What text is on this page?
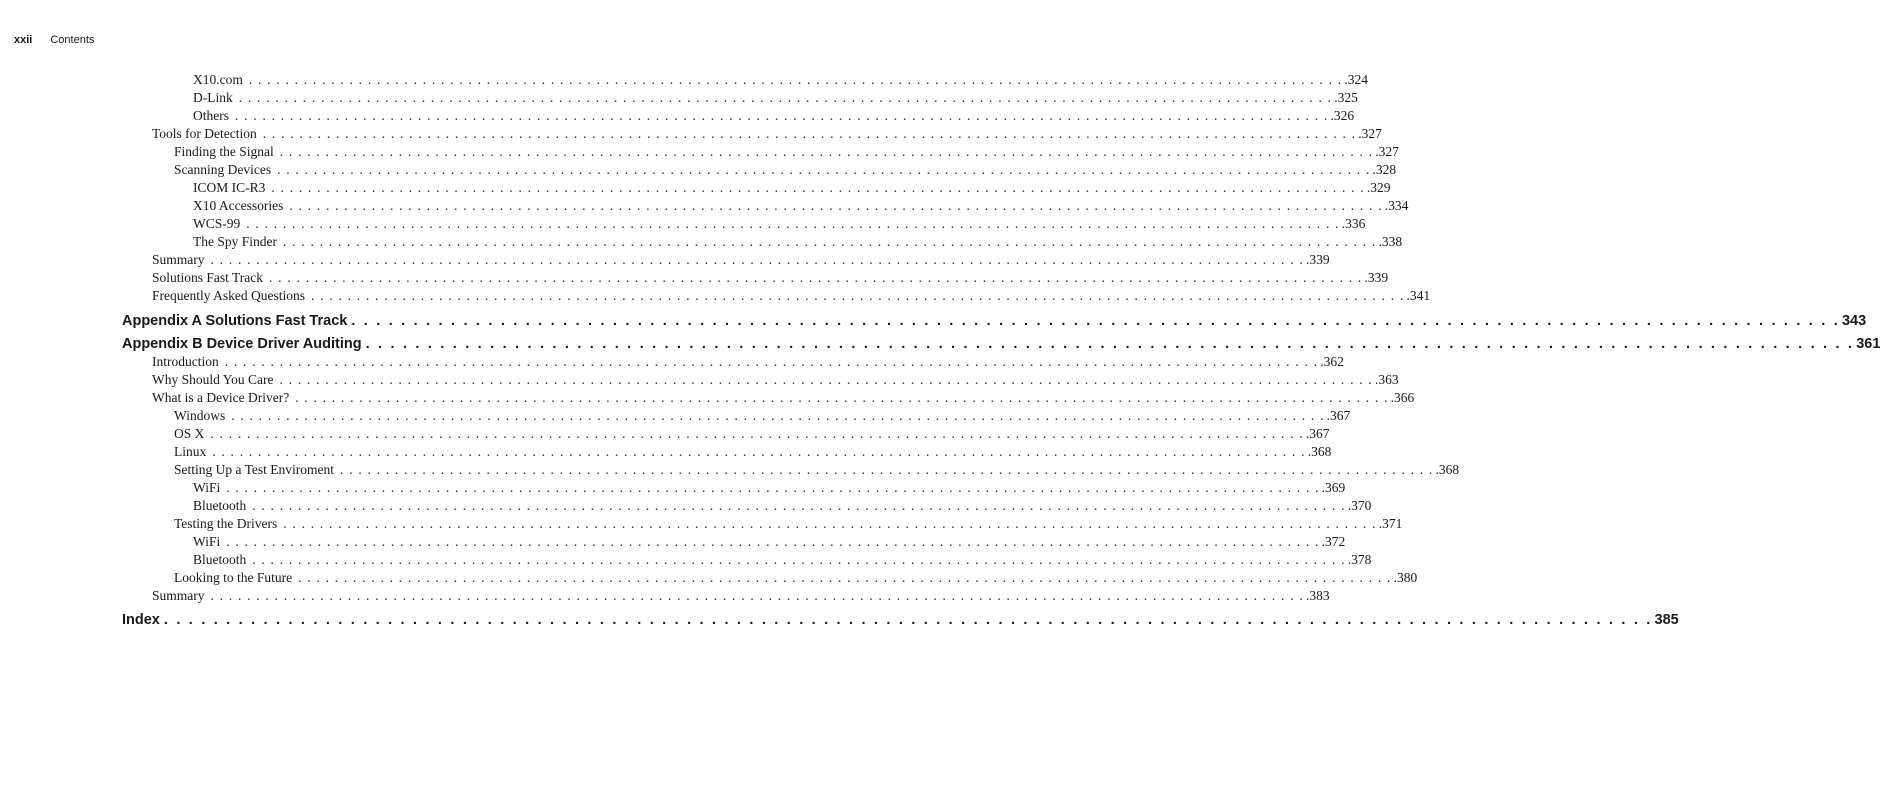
xxii Contents
X10.com . . . . . . . . . . . . . . . . . . . . . . . . . . . . . . . . . . . . . . . . . . . . . . . . . . . . . . . . . . . . . . . . . . . . . . . . . . . . . . . . . . . . . . . . . . . . . . . . . . . . . . . . . . . . . . . . . . . . . . . . .324
D-Link . . . . . . . . . . . . . . . . . . . . . . . . . . . . . . . . . . . . . . . . . . . . . . . . . . . . . . . . . . . . . . . . . . . . . . . . . . . . . . . . . . . . . . . . . . . . . . . . . . . . . . . . . . . . . . . . . . . . . . . . .325
Others . . . . . . . . . . . . . . . . . . . . . . . . . . . . . . . . . . . . . . . . . . . . . . . . . . . . . . . . . . . . . . . . . . . . . . . . . . . . . . . . . . . . . . . . . . . . . . . . . . . . . . . . . . . . . . . . . . . . . . . . .326
Tools for Detection . . . . . . . . . . . . . . . . . . . . . . . . . . . . . . . . . . . . . . . . . . . . . . . . . . . . . . . . . . . . . . . . . . . . . . . . . . . . . . . . . . . . . . . . . . . . . . . . . . . . . . . . . . . . . . . . . . . . . . . . .327
Finding the Signal . . . . . . . . . . . . . . . . . . . . . . . . . . . . . . . . . . . . . . . . . . . . . . . . . . . . . . . . . . . . . . . . . . . . . . . . . . . . . . . . . . . . . . . . . . . . . . . . . . . . . . . . . . . . . . . . . . . . . . . . .327
Scanning Devices . . . . . . . . . . . . . . . . . . . . . . . . . . . . . . . . . . . . . . . . . . . . . . . . . . . . . . . . . . . . . . . . . . . . . . . . . . . . . . . . . . . . . . . . . . . . . . . . . . . . . . . . . . . . . . . . . . . . . . . . .328
ICOM IC-R3 . . . . . . . . . . . . . . . . . . . . . . . . . . . . . . . . . . . . . . . . . . . . . . . . . . . . . . . . . . . . . . . . . . . . . . . . . . . . . . . . . . . . . . . . . . . . . . . . . . . . . . . . . . . . . . . . . . . . . . . . .329
X10 Accessories . . . . . . . . . . . . . . . . . . . . . . . . . . . . . . . . . . . . . . . . . . . . . . . . . . . . . . . . . . . . . . . . . . . . . . . . . . . . . . . . . . . . . . . . . . . . . . . . . . . . . . . . . . . . . . . . . . . . . . . . .334
WCS-99 . . . . . . . . . . . . . . . . . . . . . . . . . . . . . . . . . . . . . . . . . . . . . . . . . . . . . . . . . . . . . . . . . . . . . . . . . . . . . . . . . . . . . . . . . . . . . . . . . . . . . . . . . . . . . . . . . . . . . . . . .336
The Spy Finder . . . . . . . . . . . . . . . . . . . . . . . . . . . . . . . . . . . . . . . . . . . . . . . . . . . . . . . . . . . . . . . . . . . . . . . . . . . . . . . . . . . . . . . . . . . . . . . . . . . . . . . . . . . . . . . . . . . . . . . . .338
Summary . . . . . . . . . . . . . . . . . . . . . . . . . . . . . . . . . . . . . . . . . . . . . . . . . . . . . . . . . . . . . . . . . . . . . . . . . . . . . . . . . . . . . . . . . . . . . . . . . . . . . . . . . . . . . . . . . . . . . . . . .339
Solutions Fast Track . . . . . . . . . . . . . . . . . . . . . . . . . . . . . . . . . . . . . . . . . . . . . . . . . . . . . . . . . . . . . . . . . . . . . . . . . . . . . . . . . . . . . . . . . . . . . . . . . . . . . . . . . . . . . . . . . . . . . . . . .339
Frequently Asked Questions . . . . . . . . . . . . . . . . . . . . . . . . . . . . . . . . . . . . . . . . . . . . . . . . . . . . . . . . . . . . . . . . . . . . . . . . . . . . . . . . . . . . . . . . . . . . . . . . . . . . . . . . . . . . . . . . . . . . . . . . .341
Appendix A Solutions Fast Track . . . . . . . . . . . . . . . . . . . . . . . . . . . . . . . . . . . . . . . . . . . . . . . . . . . . . . . . . . . . . . . . . . . . . . . . . . . . . . . . . . . . . . . . . . . . . . . . . . . . . . . . . . . . . . . . . . . . . . . . 343
Appendix B Device Driver Auditing . . . . . . . . . . . . . . . . . . . . . . . . . . . . . . . . . . . . . . . . . . . . . . . . . . . . . . . . . . . . . . . . . . . . . . . . . . . . . . . . . . . . . . . . . . . . . . . . . . . . . . . . . . . . . . . . . . . . . . . . 361
Introduction . . . . . . . . . . . . . . . . . . . . . . . . . . . . . . . . . . . . . . . . . . . . . . . . . . . . . . . . . . . . . . . . . . . . . . . . . . . . . . . . . . . . . . . . . . . . . . . . . . . . . . . . . . . . . . . . . . . . . . . . .362
Why Should You Care . . . . . . . . . . . . . . . . . . . . . . . . . . . . . . . . . . . . . . . . . . . . . . . . . . . . . . . . . . . . . . . . . . . . . . . . . . . . . . . . . . . . . . . . . . . . . . . . . . . . . . . . . . . . . . . . . . . . . . . . .363
What is a Device Driver? . . . . . . . . . . . . . . . . . . . . . . . . . . . . . . . . . . . . . . . . . . . . . . . . . . . . . . . . . . . . . . . . . . . . . . . . . . . . . . . . . . . . . . . . . . . . . . . . . . . . . . . . . . . . . . . . . . . . . . . . .366
Windows . . . . . . . . . . . . . . . . . . . . . . . . . . . . . . . . . . . . . . . . . . . . . . . . . . . . . . . . . . . . . . . . . . . . . . . . . . . . . . . . . . . . . . . . . . . . . . . . . . . . . . . . . . . . . . . . . . . . . . . . .367
OS X . . . . . . . . . . . . . . . . . . . . . . . . . . . . . . . . . . . . . . . . . . . . . . . . . . . . . . . . . . . . . . . . . . . . . . . . . . . . . . . . . . . . . . . . . . . . . . . . . . . . . . . . . . . . . . . . . . . . . . . . .367
Linux . . . . . . . . . . . . . . . . . . . . . . . . . . . . . . . . . . . . . . . . . . . . . . . . . . . . . . . . . . . . . . . . . . . . . . . . . . . . . . . . . . . . . . . . . . . . . . . . . . . . . . . . . . . . . . . . . . . . . . . . .368
Setting Up a Test Enviroment . . . . . . . . . . . . . . . . . . . . . . . . . . . . . . . . . . . . . . . . . . . . . . . . . . . . . . . . . . . . . . . . . . . . . . . . . . . . . . . . . . . . . . . . . . . . . . . . . . . . . . . . . . . . . . . . . . . . . . . . .368
WiFi . . . . . . . . . . . . . . . . . . . . . . . . . . . . . . . . . . . . . . . . . . . . . . . . . . . . . . . . . . . . . . . . . . . . . . . . . . . . . . . . . . . . . . . . . . . . . . . . . . . . . . . . . . . . . . . . . . . . . . . . .369
Bluetooth . . . . . . . . . . . . . . . . . . . . . . . . . . . . . . . . . . . . . . . . . . . . . . . . . . . . . . . . . . . . . . . . . . . . . . . . . . . . . . . . . . . . . . . . . . . . . . . . . . . . . . . . . . . . . . . . . . . . . . . . .370
Testing the Drivers . . . . . . . . . . . . . . . . . . . . . . . . . . . . . . . . . . . . . . . . . . . . . . . . . . . . . . . . . . . . . . . . . . . . . . . . . . . . . . . . . . . . . . . . . . . . . . . . . . . . . . . . . . . . . . . . . . . . . . . . .371
WiFi . . . . . . . . . . . . . . . . . . . . . . . . . . . . . . . . . . . . . . . . . . . . . . . . . . . . . . . . . . . . . . . . . . . . . . . . . . . . . . . . . . . . . . . . . . . . . . . . . . . . . . . . . . . . . . . . . . . . . . . . .372
Bluetooth . . . . . . . . . . . . . . . . . . . . . . . . . . . . . . . . . . . . . . . . . . . . . . . . . . . . . . . . . . . . . . . . . . . . . . . . . . . . . . . . . . . . . . . . . . . . . . . . . . . . . . . . . . . . . . . . . . . . . . . . .378
Looking to the Future . . . . . . . . . . . . . . . . . . . . . . . . . . . . . . . . . . . . . . . . . . . . . . . . . . . . . . . . . . . . . . . . . . . . . . . . . . . . . . . . . . . . . . . . . . . . . . . . . . . . . . . . . . . . . . . . . . . . . . . . .380
Summary . . . . . . . . . . . . . . . . . . . . . . . . . . . . . . . . . . . . . . . . . . . . . . . . . . . . . . . . . . . . . . . . . . . . . . . . . . . . . . . . . . . . . . . . . . . . . . . . . . . . . . . . . . . . . . . . . . . . . . . . .383
Index . . . . . . . . . . . . . . . . . . . . . . . . . . . . . . . . . . . . . . . . . . . . . . . . . . . . . . . . . . . . . . . . . . . . . . . . . . . . . . . . . . . . . . . . . . . . . . . . . . . . . . . . . . . . . . . . . . . . . . . . 385
